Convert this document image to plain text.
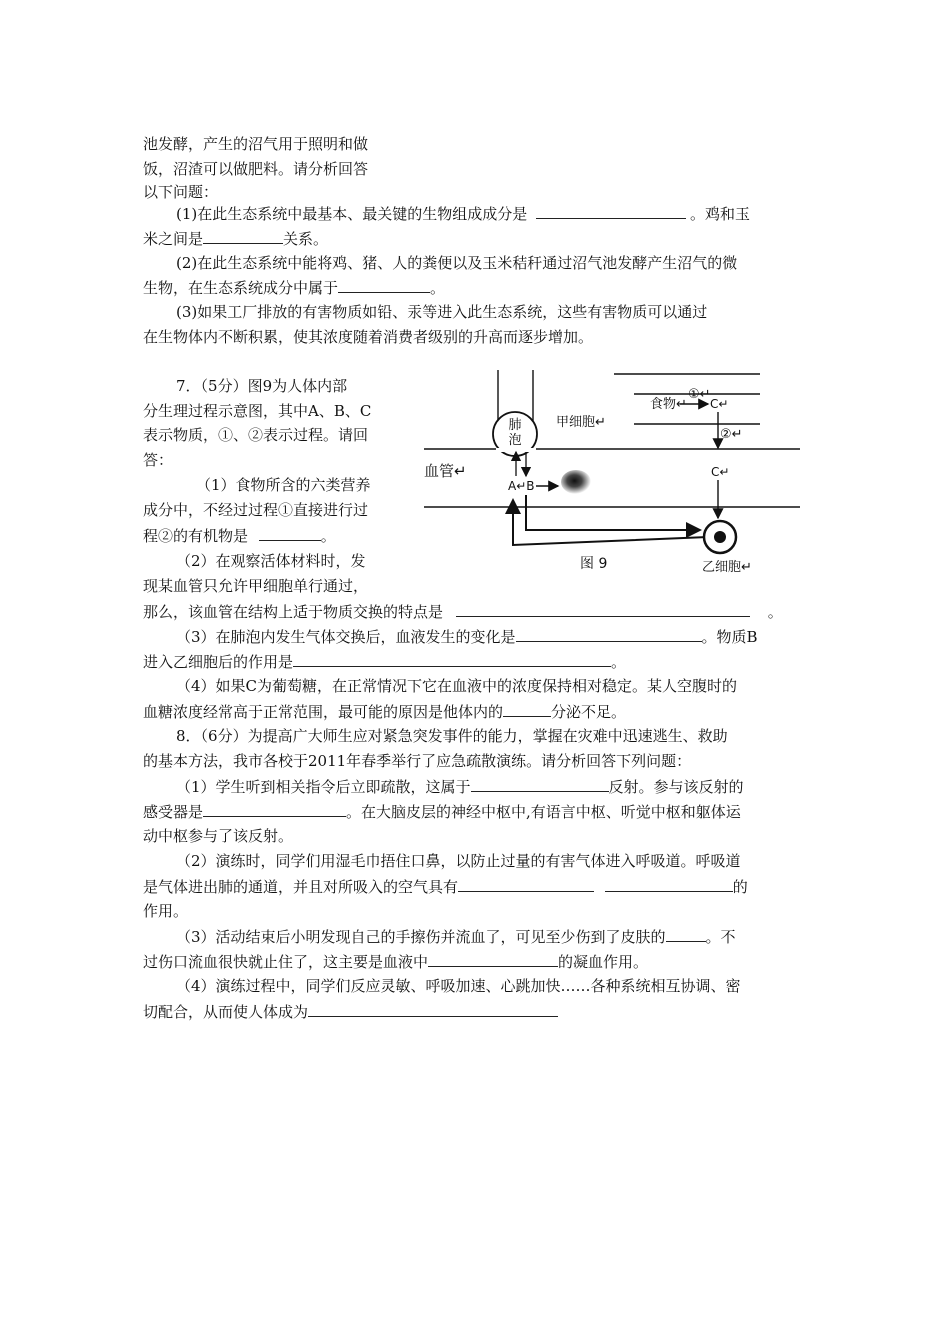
池发酵，产生的沼气用于照明和做
饭，沼渣可以做肥料。请分析回答
以下问题：
(1)在此生态系统中最基本、最关键的生物组成成分是	。鸡和玉
米之间是	关系。
(2)在此生态系统中能将鸡、猪、人的粪便以及玉米秸秆通过沼气池发酵产生沼气的微
生物，在生态系统成分中属于	。
(3)如果工厂排放的有害物质如铅、汞等进入此生态系统，这些有害物质可以通过
在生物体内不断积累，使其浓度随着消费者级别的升高而逐步增加。
7．（5分）图9为人体内部
分生理过程示意图，其中A、B、C
表示物质，①、②表示过程。请回
答：
（1）食物所含的六类营养
成分中，不经过过程①直接进行过
程②的有机物是	。
（2）在观察活体材料时，发
现某血管只允许甲细胞单行通过，
肺
泡
甲细胞↵
食物↵
①↵
C↵
②↵
C↵
血管↵
A↵B
图 9	乙细胞↵
那么，该血管在结构上适于物质交换的特点是	。
（3）在肺泡内发生气体交换后，血液发生的变化是	。物质B
进入乙细胞后的作用是	。
（4）如果C为葡萄糖，在正常情况下它在血液中的浓度保持相对稳定。某人空腹时的
血糖浓度经常高于正常范围，最可能的原因是他体内的	分泌不足。
8．（6分）为提高广大师生应对紧急突发事件的能力，掌握在灾难中迅速逃生、救助
的基本方法，我市各校于2011年春季举行了应急疏散演练。请分析回答下列问题：
（1）学生听到相关指令后立即疏散，这属于	反射。参与该反射的
感受器是	。在大脑皮层的神经中枢中,有语言中枢、听觉中枢和躯体运
动中枢参与了该反射。
（2）演练时，同学们用湿毛巾捂住口鼻，以防止过量的有害气体进入呼吸道。呼吸道
是气体进出肺的通道，并且对所吸入的空气具有	的
作用。
（3）活动结束后小明发现自己的手擦伤并流血了，可见至少伤到了皮肤的	。不
过伤口流血很快就止住了，这主要是血液中	的凝血作用。
（4）演练过程中，同学们反应灵敏、呼吸加速、心跳加快……各种系统相互协调、密
切配合，从而使人体成为
